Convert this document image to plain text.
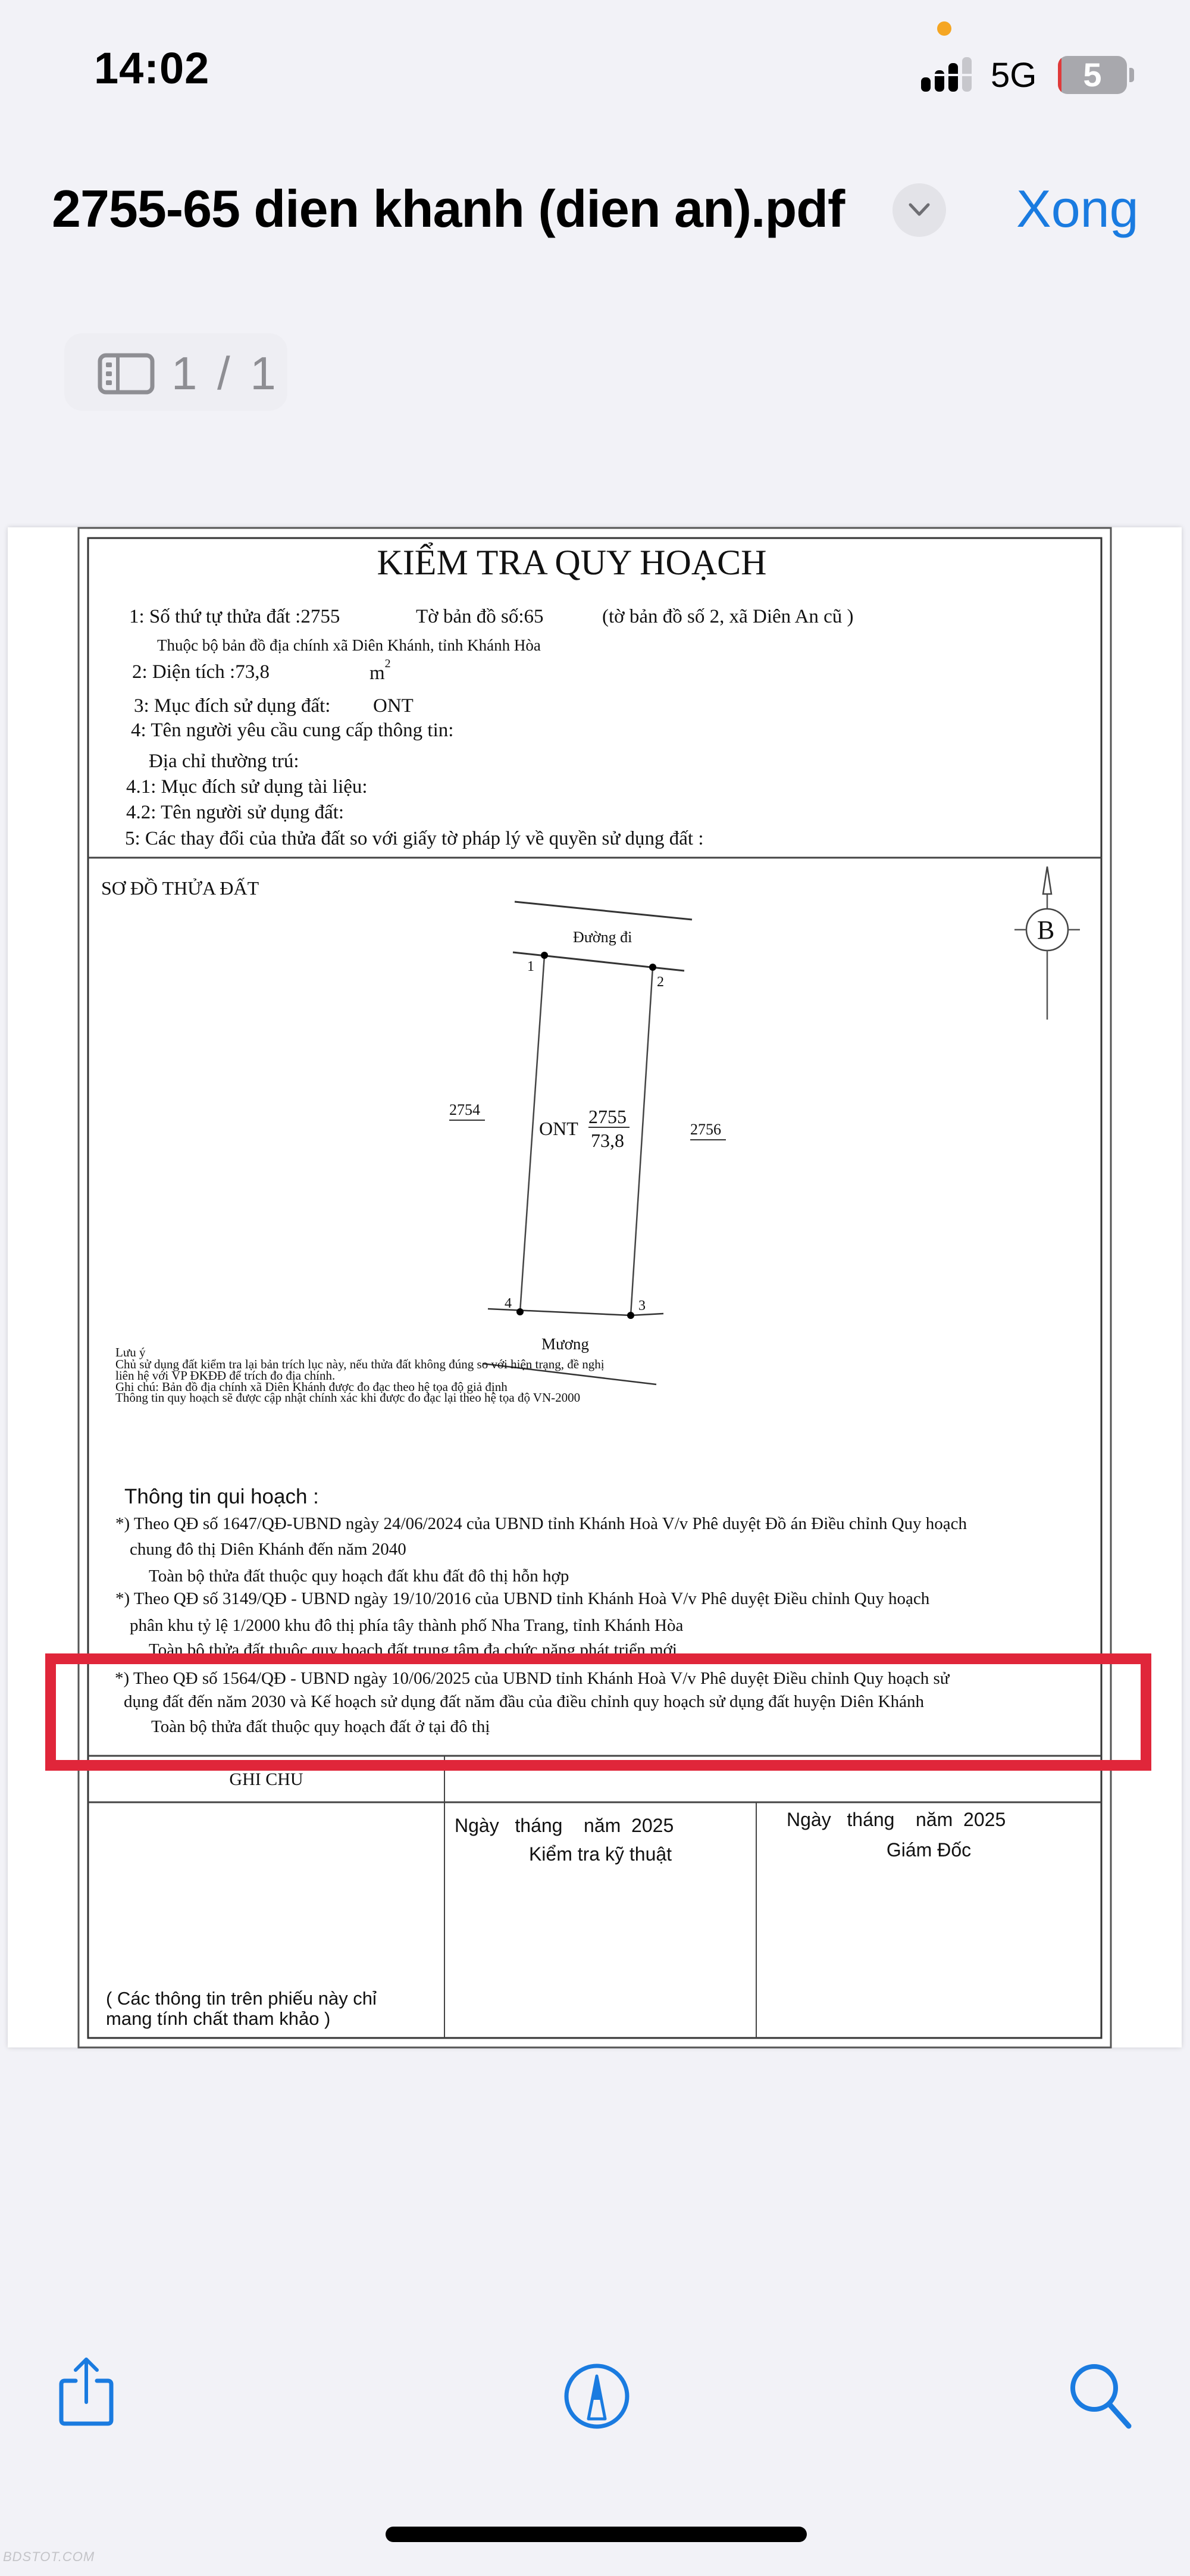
14:02	5G	5
2755-65 dien khanh (dien an).pdf	Xong
1 / 1
KIỂM TRA QUY HOẠCH
1: Số thứ tự thửa đất :2755	Tờ bản đồ số:65	(tờ bản đồ số 2, xã Diên An cũ )
Thuộc bộ bản đồ địa chính xã Diên Khánh, tỉnh Khánh Hòa
2: Diện tích :73,8	$m^2$
3: Mục đích sử dụng đất: ONT
4: Tên người yêu cầu cung cấp thông tin:
Địa chỉ thường trú:
4.1: Mục đích sử dụng tài liệu:
4.2: Tên người sử dụng đất:
5: Các thay đổi của thửa đất so với giấy tờ pháp lý về quyền sử dụng đất :
SƠ ĐỒ THỬA ĐẤT
B
Đường đi
1
2
3
4
2754
2756
ONT
2755
73,8
Mương
Lưu ý
Chủ sử dụng đất kiểm tra lại bản trích lục này, nếu thửa đất không đúng so với hiện trạng, đề nghị
liên hệ với VP ĐKĐĐ để trích đo địa chính.
Ghi chú: Bản đồ địa chính xã Diên Khánh được đo đạc theo hệ tọa độ giả định
Thông tin quy hoạch sẽ được cập nhật chính xác khi được đo đạc lại theo hệ tọa độ VN-2000
Thông tin qui hoạch :
*) Theo QĐ số 1647/QĐ-UBND ngày 24/06/2024 của UBND tỉnh Khánh Hoà V/v Phê duyệt Đồ án Điều chỉnh Quy hoạch
chung đô thị Diên Khánh đến năm 2040
Toàn bộ thửa đất thuộc quy hoạch đất khu đất đô thị hỗn hợp
*) Theo QĐ số 3149/QĐ - UBND ngày 19/10/2016 của UBND tỉnh Khánh Hoà V/v Phê duyệt Điều chỉnh Quy hoạch
phân khu tỷ lệ 1/2000 khu đô thị phía tây thành phố Nha Trang, tỉnh Khánh Hòa
Toàn bộ thửa đất thuộc quy hoạch đất trung tâm đa chức năng phát triển mới
*) Theo QĐ số 1564/QĐ - UBND ngày 10/06/2025 của UBND tỉnh Khánh Hoà V/v Phê duyệt Điều chỉnh Quy hoạch sử
dụng đất đến năm 2030 và Kế hoạch sử dụng đất năm đầu của điều chỉnh quy hoạch sử dụng đất huyện Diên Khánh
Toàn bộ thửa đất thuộc quy hoạch đất ở tại đô thị
GHI CHU
Ngày   tháng    năm  2025
Kiểm tra kỹ thuật
Ngày   tháng    năm  2025
Giám Đốc
( Các thông tin trên phiếu này chỉ
mang tính chất tham khảo )
BDSTOT.COM
